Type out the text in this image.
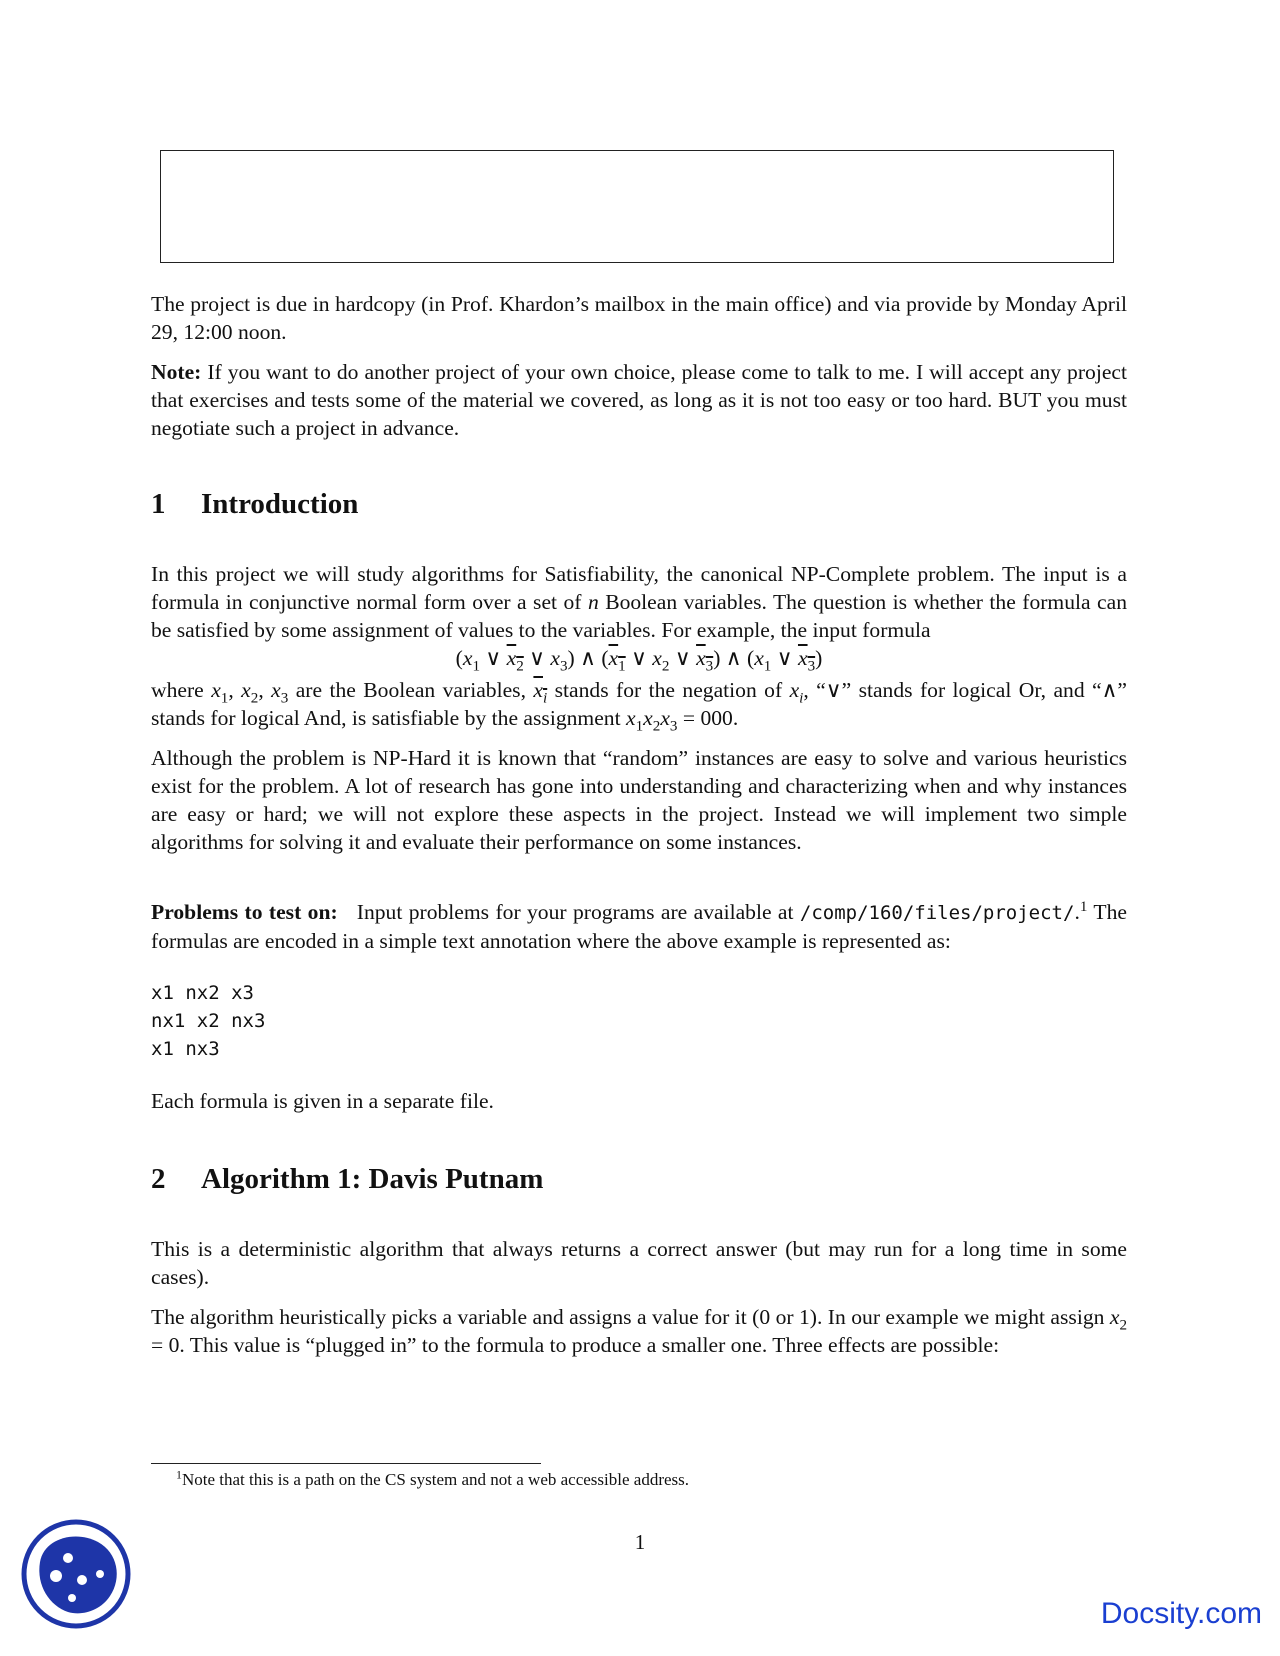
The project is due in hardcopy (in Prof. Khardon’s mailbox in the main office) and via provide by Monday April 29, 12:00 noon.

Note: If you want to do another project of your own choice, please come to talk to me. I will accept any project that exercises and tests some of the material we covered, as long as it is not too easy or too hard. BUT you must negotiate such a project in advance.

1 Introduction

In this project we will study algorithms for Satisfiability, the canonical NP-Complete problem. The input is a formula in conjunctive normal form over a set of n Boolean variables. The question is whether the formula can be satisfied by some assignment of values to the variables. For example, the input formula

($x_1$ ∨ $x_2$ ∨ $x_3$) ∧ ($x_1$ ∨ $x_2$ ∨ $x_3$) ∧ ($x_1$ ∨ $x_3$)

where $x_1$, $x_2$, $x_3$ are the Boolean variables, $x_i$ stands for the negation of $x_i$, “∨” stands for logical Or, and “∧” stands for logical And, is satisfiable by the assignment $x_1x_2x_3 = 000$.

Although the problem is NP-Hard it is known that “random” instances are easy to solve and various heuristics exist for the problem. A lot of research has gone into understanding and characterizing when and why instances are easy or hard; we will not explore these aspects in the project. Instead we will implement two simple algorithms for solving it and evaluate their performance on some instances.

Problems to test on: Input problems for your programs are available at /comp/160/files/project/.$^1$ The formulas are encoded in a simple text annotation where the above example is represented as:

x1 nx2 x3
nx1 x2 nx3
x1 nx3

Each formula is given in a separate file.

2 Algorithm 1: Davis Putnam

This is a deterministic algorithm that always returns a correct answer (but may run for a long time in some cases).

The algorithm heuristically picks a variable and assigns a value for it (0 or 1). In our example we might assign $x_2 = 0$. This value is “plugged in” to the formula to produce a smaller one. Three effects are possible:

$^1$Note that this is a path on the CS system and not a web accessible address.
1
Docsity.com
